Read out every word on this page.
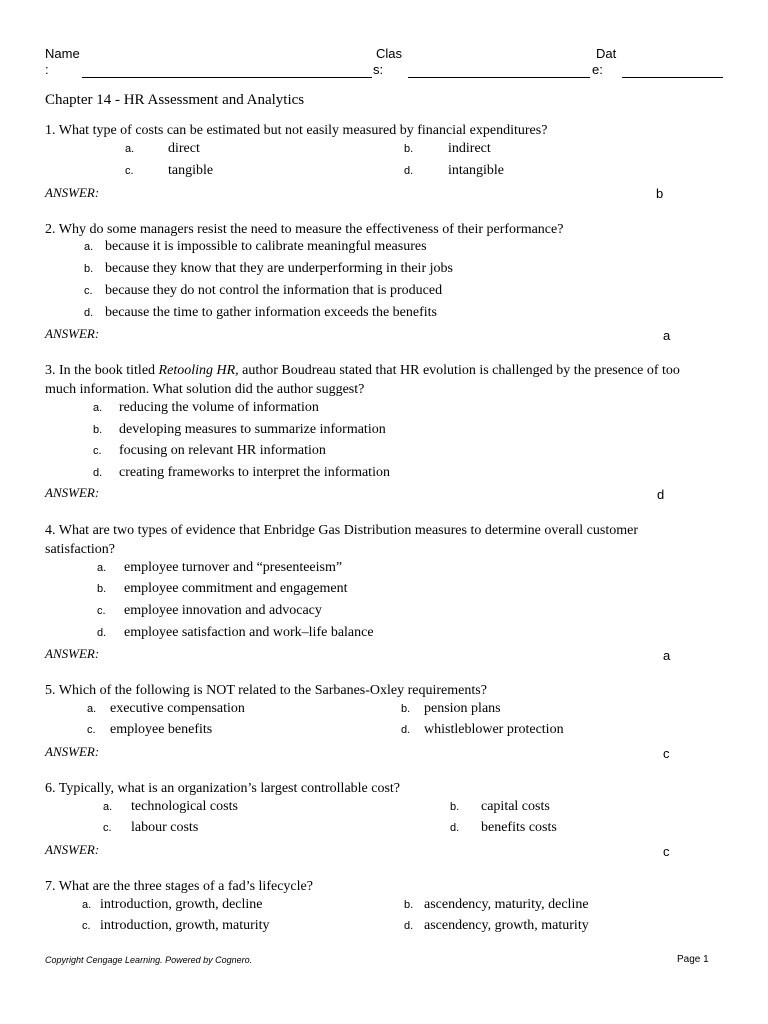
Name
:
Clas
s:
Dat
e:
Chapter 14 - HR Assessment and Analytics
1. What type of costs can be estimated but not easily measured by financial expenditures?
a. direct	b. indirect
c. tangible	d. intangible
ANSWER:	b
2. Why do some managers resist the need to measure the effectiveness of their performance?
a. because it is impossible to calibrate meaningful measures
b. because they know that they are underperforming in their jobs
c. because they do not control the information that is produced
d. because the time to gather information exceeds the benefits
ANSWER:	a
3. In the book titled Retooling HR, author Boudreau stated that HR evolution is challenged by the presence of too much information. What solution did the author suggest?
a. reducing the volume of information
b. developing measures to summarize information
c. focusing on relevant HR information
d. creating frameworks to interpret the information
ANSWER:	d
4. What are two types of evidence that Enbridge Gas Distribution measures to determine overall customer satisfaction?
a. employee turnover and “presenteeism”
b. employee commitment and engagement
c. employee innovation and advocacy
d. employee satisfaction and work–life balance
ANSWER:	a
5. Which of the following is NOT related to the Sarbanes-Oxley requirements?
a. executive compensation	b. pension plans
c. employee benefits	d. whistleblower protection
ANSWER:	c
6. Typically, what is an organization’s largest controllable cost?
a. technological costs	b. capital costs
c. labour costs	d. benefits costs
ANSWER:	c
7. What are the three stages of a fad’s lifecycle?
a. introduction, growth, decline	b. ascendency, maturity, decline
c. introduction, growth, maturity	d. ascendency, growth, maturity
Copyright Cengage Learning. Powered by Cognero.	Page 1
